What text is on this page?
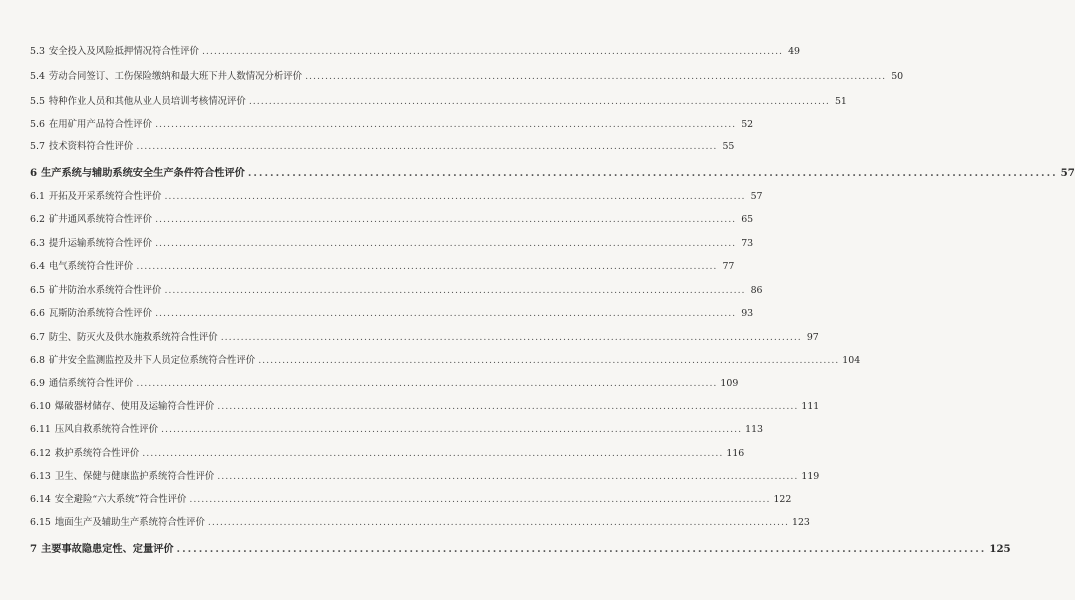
5.3 安全投入及风险抵押情况符合性评价 .....	49
5.4 劳动合同签订、工伤保险缴纳和最大班下井人数情况分析评价 .....	50
5.5 特种作业人员和其他从业人员培训考核情况评价 .....	51
5.6 在用矿用产品符合性评价 .....	52
5.7 技术资料符合性评价 .....	55
6 生产系统与辅助系统安全生产条件符合性评价 .....	57
6.1 开拓及开采系统符合性评价 .....	57
6.2 矿井通风系统符合性评价 .....	65
6.3 提升运输系统符合性评价 .....	73
6.4 电气系统符合性评价 .....	77
6.5 矿井防治水系统符合性评价 .....	86
6.6 瓦斯防治系统符合性评价 .....	93
6.7 防尘、防灭火及供水施救系统符合性评价 .....	97
6.8 矿井安全监测监控及井下人员定位系统符合性评价 .....	104
6.9 通信系统符合性评价 .....	109
6.10 爆破器材储存、使用及运输符合性评价 .....	111
6.11 压风自救系统符合性评价 .....	113
6.12 救护系统符合性评价 .....	116
6.13 卫生、保健与健康监护系统符合性评价 .....	119
6.14 安全避险“六大系统”符合性评价 .....	122
6.15 地面生产及辅助生产系统符合性评价 .....	123
7 主要事故隐患定性、定量评价 .....	125
